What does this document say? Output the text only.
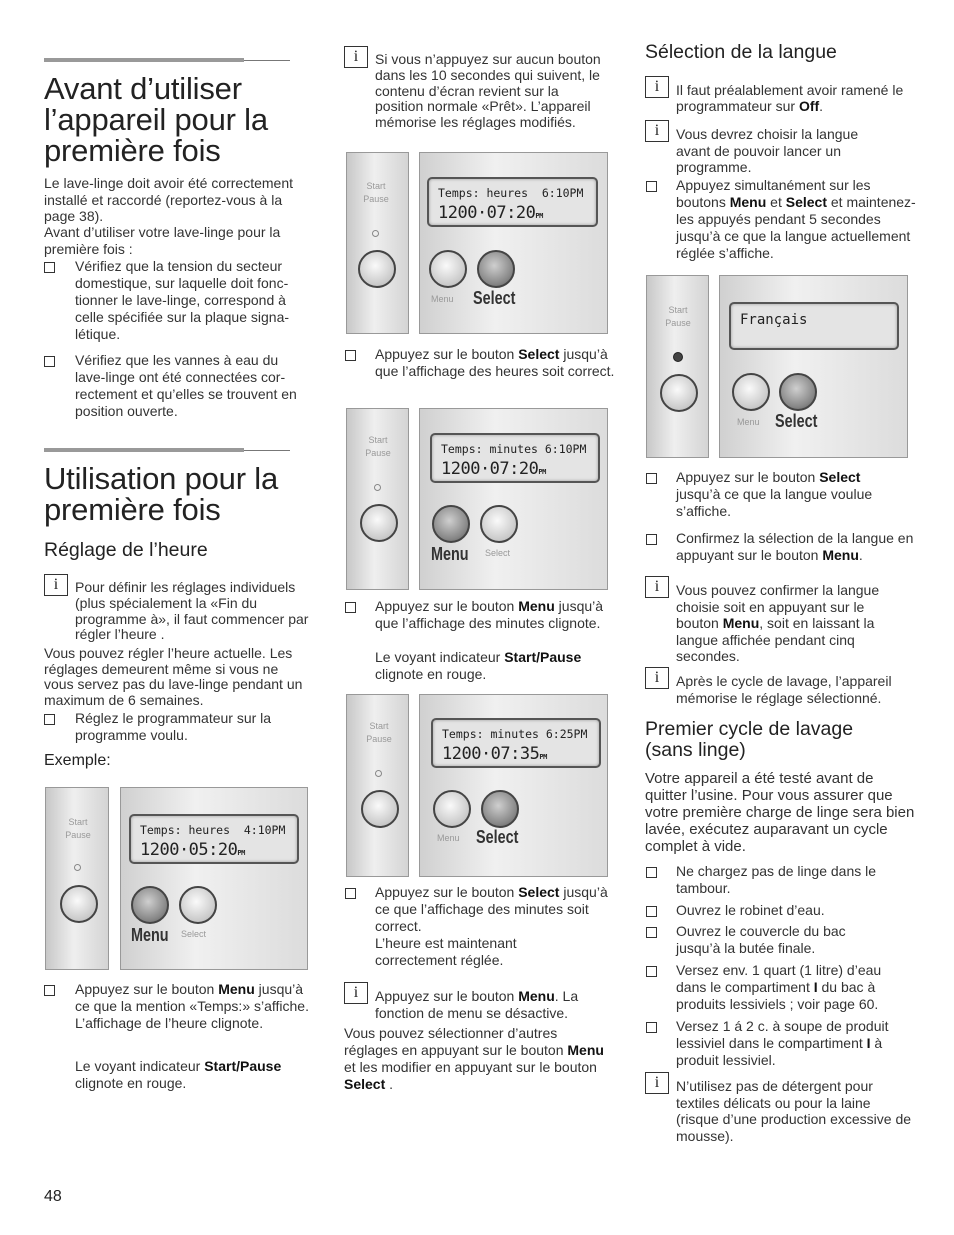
Avant d’utiliser l’appareil pour la première fois
Le lave-linge doit avoir été correctement installé et raccordé (reportez-vous à la page 38).
Avant d’utiliser votre lave-linge pour la première fois :
Vérifiez que la tension du secteur domestique, sur laquelle doit fonc-tionner le lave-linge, correspond à celle spécifiée sur la plaque signa-létique.
Vérifiez que les vannes à eau du lave-linge ont été connectées cor-rectement et qu’elles se trouvent en position ouverte.
Utilisation pour la première fois
Réglage de l’heure
i	Pour définir les réglages individuels (plus spécialement la «Fin du programme à», il faut commencer par régler l’heure .
Vous pouvez régler l’heure actuelle. Les réglages demeurent même si vous ne vous servez pas du lave-linge pendant un maximum de 6 semaines.
Réglez le programmateur sur la programme voulu.
Exemple:
Start
Pause	Temps: heures  4:10PM
1200·05:20PM
Menu Select
Appuyez sur le bouton Menu jusqu’à ce que la mention «Temps:» s’affiche. L’affichage de l’heure clignote.
Le voyant indicateur Start/Pause clignote en rouge.
48
i	Si vous n’appuyez sur aucun bouton dans les 10 secondes qui suivent, le contenu d’écran revient sur la position normale «Prêt». L’appareil mémorise les réglages modifiés.
Start
Pause	Temps: heures  6:10PM
1200·07:20PM
Menu	Select
Appuyez sur le bouton Select jusqu’à que l’affichage des heures soit correct.
Start
Pause	Temps: minutes 6:10PM
1200·07:20PM
Menu Select
Appuyez sur le bouton Menu jusqu’à que l’affichage des minutes clignote.
Le voyant indicateur Start/Pause clignote en rouge.
Start
Pause	Temps: minutes 6:25PM
1200·07:35PM
Menu Select
Appuyez sur le bouton Select jusqu’à ce que l’affichage des minutes soit correct.
L’heure est maintenant correctement réglée.
i	Appuyez sur le bouton Menu. La fonction de menu se désactive.
Vous pouvez sélectionner d’autres réglages en appuyant sur le bouton Menu et les modifier en appuyant sur le bouton Select .
Sélection de la langue
i	Il faut préalablement avoir ramené le programmateur sur Off.
i	Vous devrez choisir la langue avant de pouvoir lancer un programme.
Appuyez simultanément sur les boutons Menu et Select et maintenez-les appuyés pendant 5 secondes jusqu’à ce que la langue actuellement réglée s’affiche.
Start
Pause	Français
Menu Select
Appuyez sur le bouton Select jusqu’à ce que la langue voulue s’affiche.
Confirmez la sélection de la langue en appuyant sur le bouton Menu.
i	Vous pouvez confirmer la langue choisie soit en appuyant sur le bouton Menu, soit en laissant la langue affichée pendant cinq secondes.
i	Après le cycle de lavage, l’appareil mémorise le réglage sélectionné.
Premier cycle de lavage (sans linge)
Votre appareil a été testé avant de quitter l’usine. Pour vous assurer que votre première charge de linge sera bien lavée, exécutez auparavant un cycle complet à vide.
Ne chargez pas de linge dans le tambour.
Ouvrez le robinet d’eau.
Ouvrez le couvercle du bac jusqu’à la butée finale.
Versez env. 1 quart (1 litre) d’eau dans le compartiment I du bac à produits lessiviels ; voir page 60.
Versez 1 á 2 c. à soupe de produit lessiviel dans le compartiment I à produit lessiviel.
i	N’utilisez pas de détergent pour textiles délicats ou pour la laine (risque d’une production excessive de mousse).
